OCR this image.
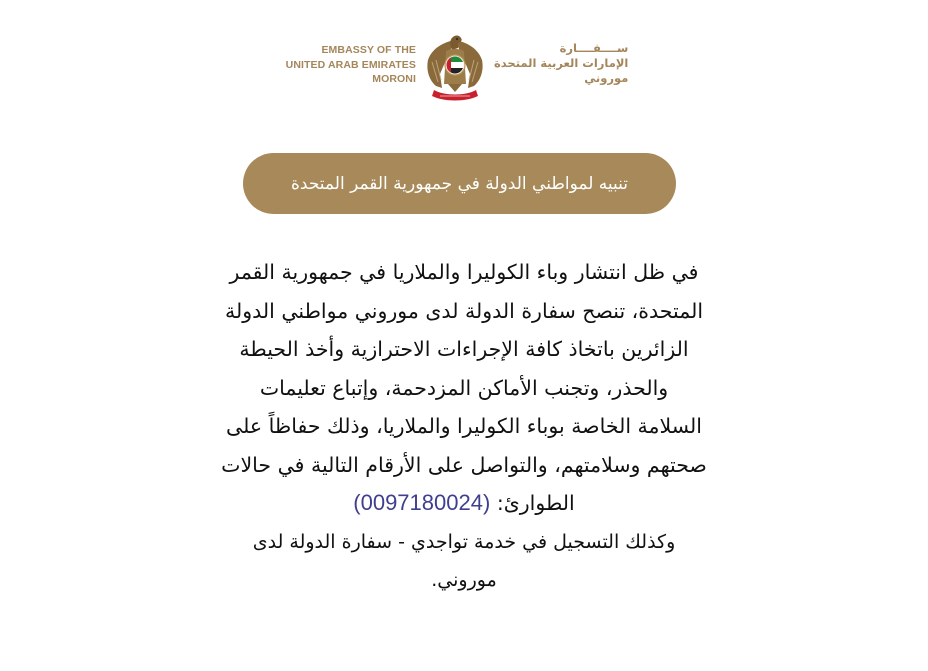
EMBASSY OF THE
UNITED ARAB EMIRATES
MORONI
ســــفــــارة
الإمارات العربية المتحدة
موروني
تنبيه لمواطني الدولة في جمهورية القمر المتحدة
في ظل انتشار وباء الكوليرا والملاريا في جمهورية القمر
المتحدة، تنصح سفارة الدولة لدى موروني مواطني الدولة
الزائرين باتخاذ كافة الإجراءات الاحترازية وأخذ الحيطة
والحذر، وتجنب الأماكن المزدحمة، وإتباع تعليمات
السلامة الخاصة بوباء الكوليرا والملاريا، وذلك حفاظاً على
صحتهم وسلامتهم، والتواصل على الأرقام التالية في حالات
الطوارئ: (0097180024)
وكذلك التسجيل في خدمة تواجدي - سفارة الدولة لدى
موروني.
